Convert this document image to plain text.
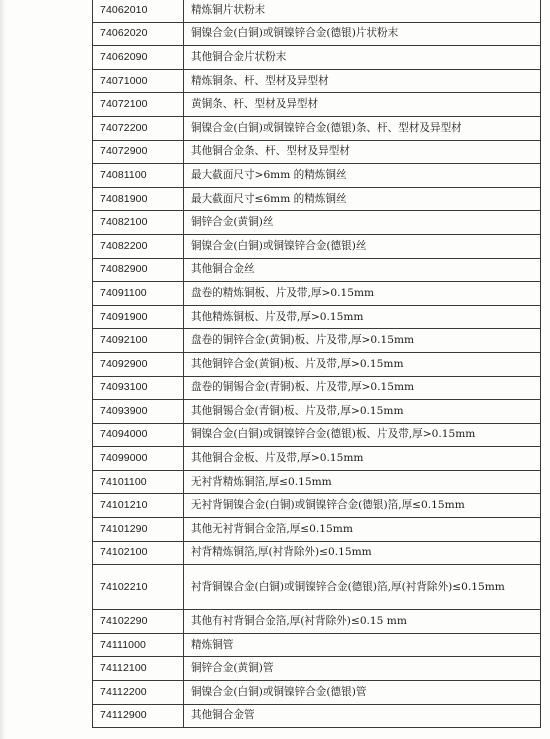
74062010	精炼铜片状粉末
74062020	铜镍合金(白铜)或铜镍锌合金(德银)片状粉末
74062090	其他铜合金片状粉末
74071000	精炼铜条、杆、型材及异型材
74072100	黄铜条、杆、型材及异型材
74072200	铜镍合金(白铜)或铜镍锌合金(德银)条、杆、型材及异型材
74072900	其他铜合金条、杆、型材及异型材
74081100	最大截面尺寸>6mm 的精炼铜丝
74081900	最大截面尺寸≤6mm 的精炼铜丝
74082100	铜锌合金(黄铜)丝
74082200	铜镍合金(白铜)或铜镍锌合金(德银)丝
74082900	其他铜合金丝
74091100	盘卷的精炼铜板、片及带,厚>0.15mm
74091900	其他精炼铜板、片及带,厚>0.15mm
74092100	盘卷的铜锌合金(黄铜)板、片及带,厚>0.15mm
74092900	其他铜锌合金(黄铜)板、片及带,厚>0.15mm
74093100	盘卷的铜锡合金(青铜)板、片及带,厚>0.15mm
74093900	其他铜锡合金(青铜)板、片及带,厚>0.15mm
74094000	铜镍合金(白铜)或铜镍锌合金(德银)板、片及带,厚>0.15mm
74099000	其他铜合金板、片及带,厚>0.15mm
74101100	无衬背精炼铜箔,厚≤0.15mm
74101210	无衬背铜镍合金(白铜)或铜镍锌合金(德银)箔,厚≤0.15mm
74101290	其他无衬背铜合金箔,厚≤0.15mm
74102100	衬背精炼铜箔,厚(衬背除外)≤0.15mm
74102210	衬背铜镍合金(白铜)或铜镍锌合金(德银)箔,厚(衬背除外)≤0.15mm
74102290	其他有衬背铜合金箔,厚(衬背除外)≤0.15 mm
74111000	精炼铜管
74112100	铜锌合金(黄铜)管
74112200	铜镍合金(白铜)或铜镍锌合金(德银)管
74112900	其他铜合金管
